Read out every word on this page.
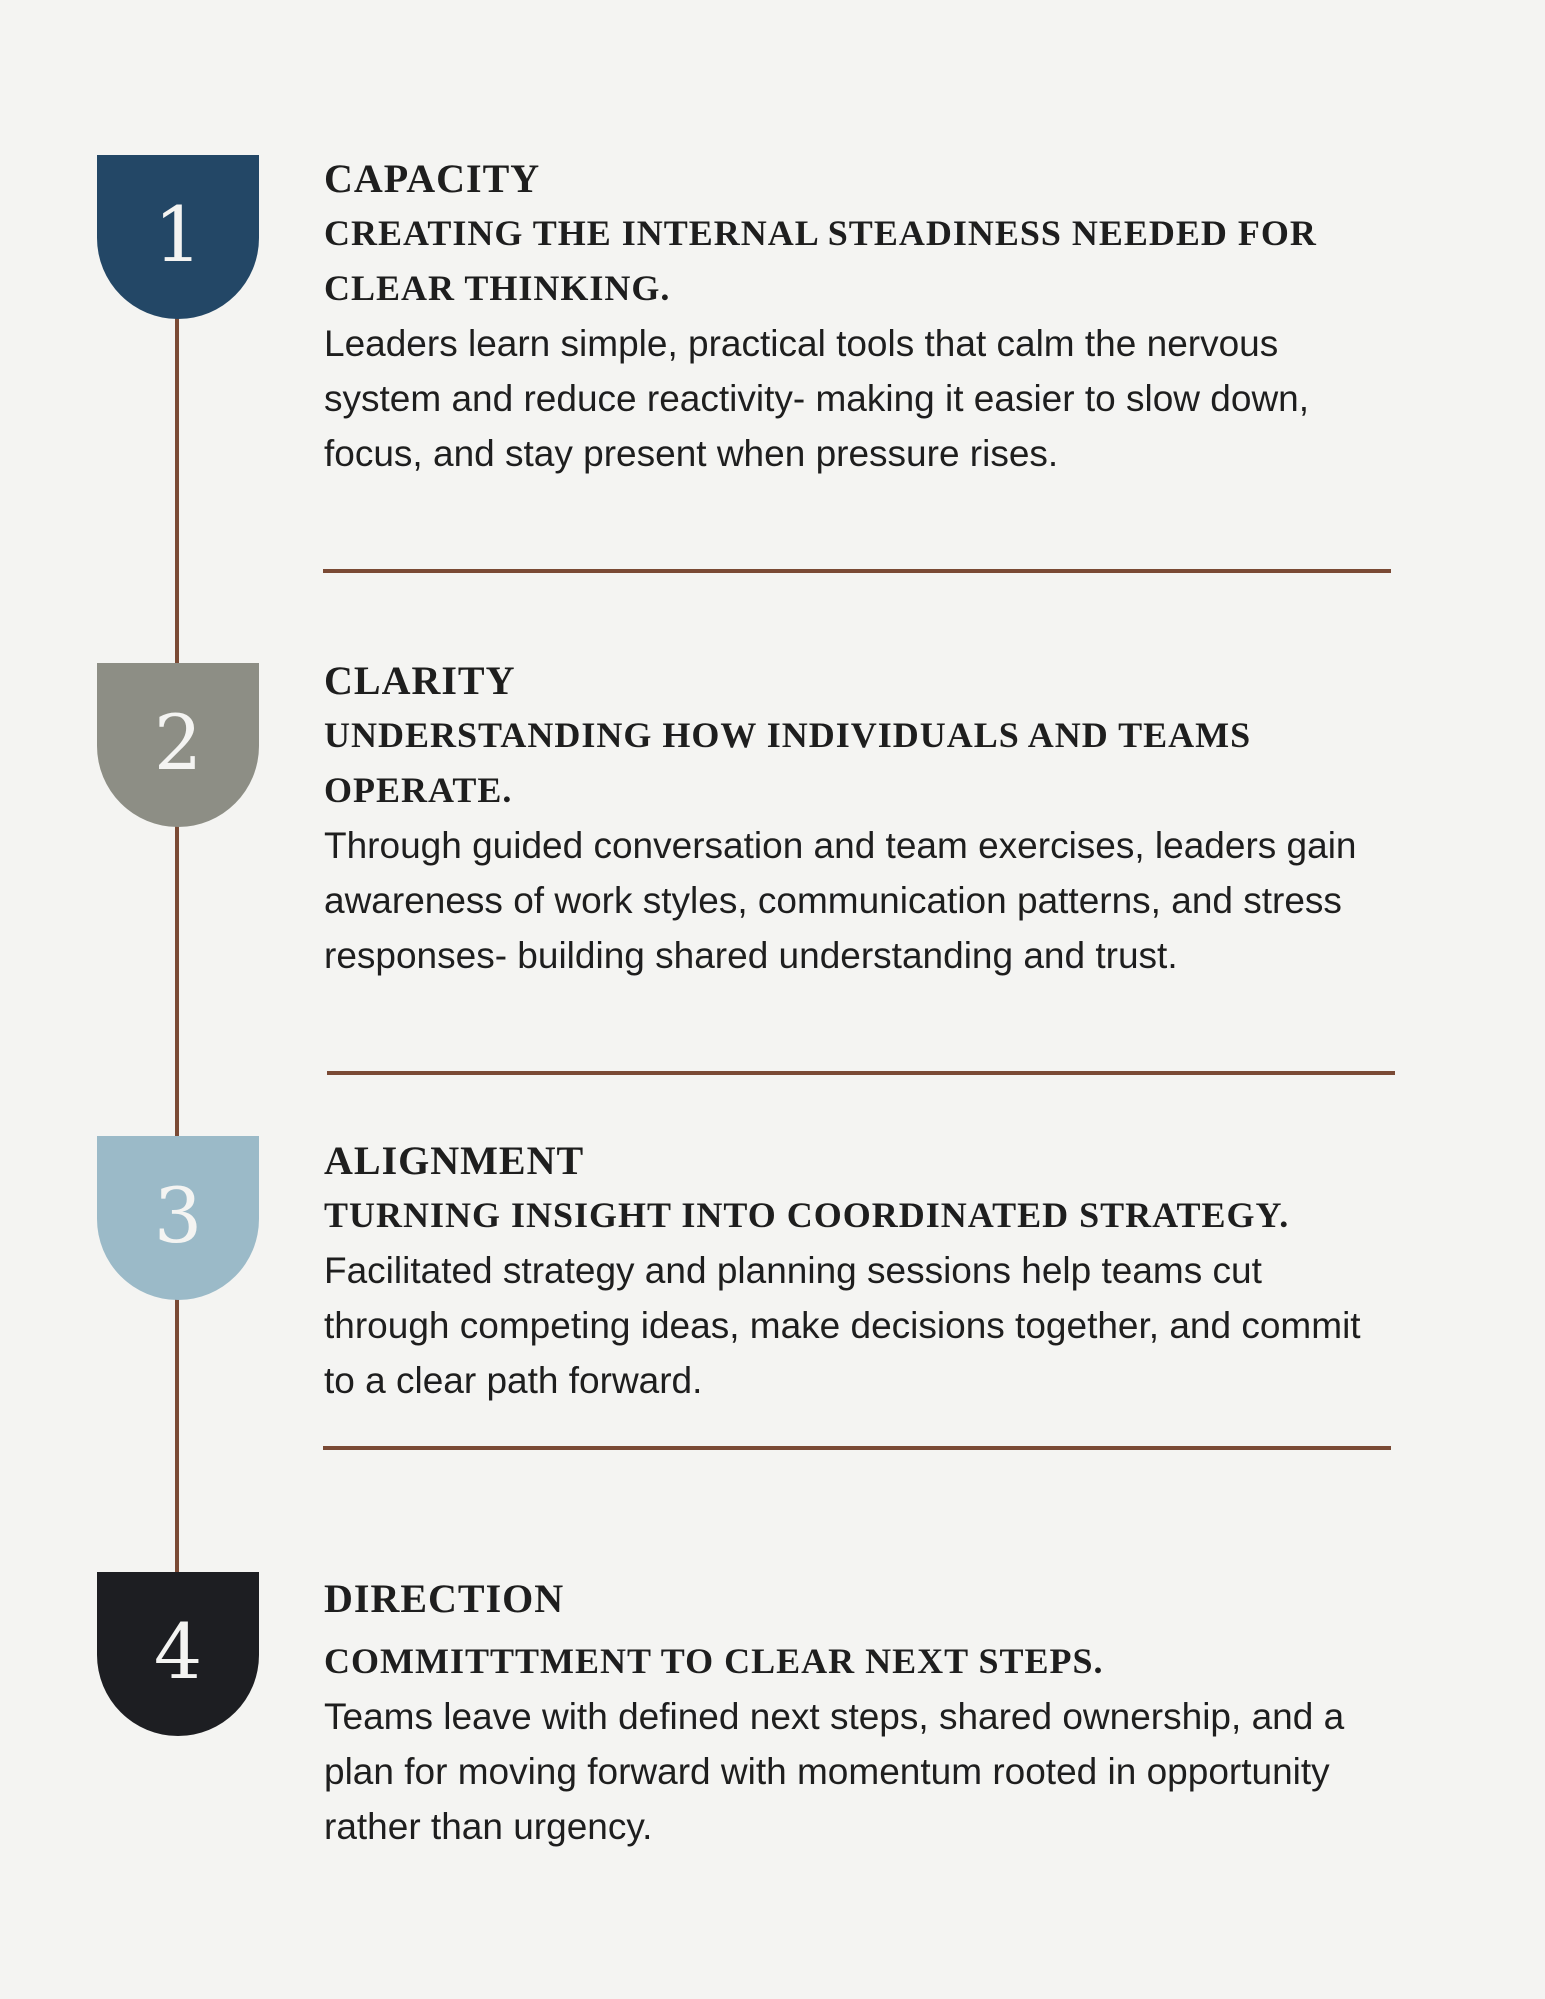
1

CAPACITY

CREATING THE INTERNAL STEADINESS NEEDED FOR CLEAR THINKING.

Leaders learn simple, practical tools that calm the nervous system and reduce reactivity- making it easier to slow down, focus, and stay present when pressure rises.

2

CLARITY

UNDERSTANDING HOW INDIVIDUALS AND TEAMS OPERATE.

Through guided conversation and team exercises, leaders gain awareness of work styles, communication patterns, and stress responses- building shared understanding and trust.

3

ALIGNMENT

TURNING INSIGHT INTO COORDINATED STRATEGY.

Facilitated strategy and planning sessions help teams cut through competing ideas, make decisions together, and commit to a clear path forward.

4

DIRECTION

COMMITTTMENT TO CLEAR NEXT STEPS.

Teams leave with defined next steps, shared ownership, and a plan for moving forward with momentum rooted in opportunity rather than urgency.
